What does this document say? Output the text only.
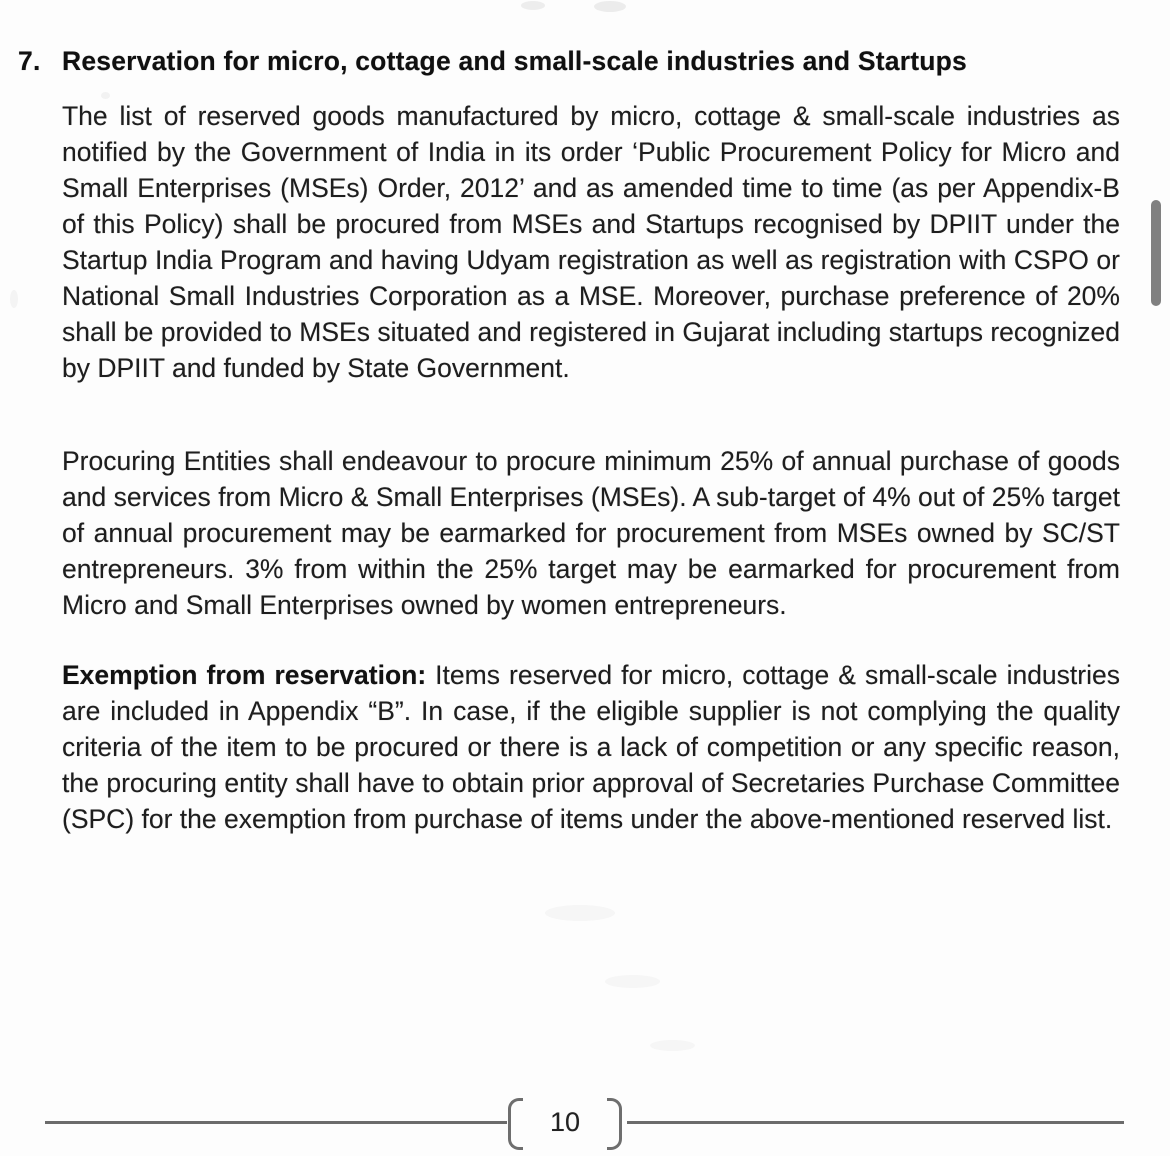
7. Reservation for micro, cottage and small-scale industries and Startups

The list of reserved goods manufactured by micro, cottage & small-scale industries as notified by the Government of India in its order ‘Public Procurement Policy for Micro and Small Enterprises (MSEs) Order, 2012’ and as amended time to time (as per Appendix-B of this Policy) shall be procured from MSEs and Startups recognised by DPIIT under the Startup India Program and having Udyam registration as well as registration with CSPO or National Small Industries Corporation as a MSE. Moreover, purchase preference of 20% shall be provided to MSEs situated and registered in Gujarat including startups recognized by DPIIT and funded by State Government.

Procuring Entities shall endeavour to procure minimum 25% of annual purchase of goods and services from Micro & Small Enterprises (MSEs). A sub-target of 4% out of 25% target of annual procurement may be earmarked for procurement from MSEs owned by SC/ST entrepreneurs. 3% from within the 25% target may be earmarked for procurement from Micro and Small Enterprises owned by women entrepreneurs.

Exemption from reservation: Items reserved for micro, cottage & small-scale industries are included in Appendix “B”. In case, if the eligible supplier is not complying the quality criteria of the item to be procured or there is a lack of competition or any specific reason, the procuring entity shall have to obtain prior approval of Secretaries Purchase Committee (SPC) for the exemption from purchase of items under the above-mentioned reserved list.

10
